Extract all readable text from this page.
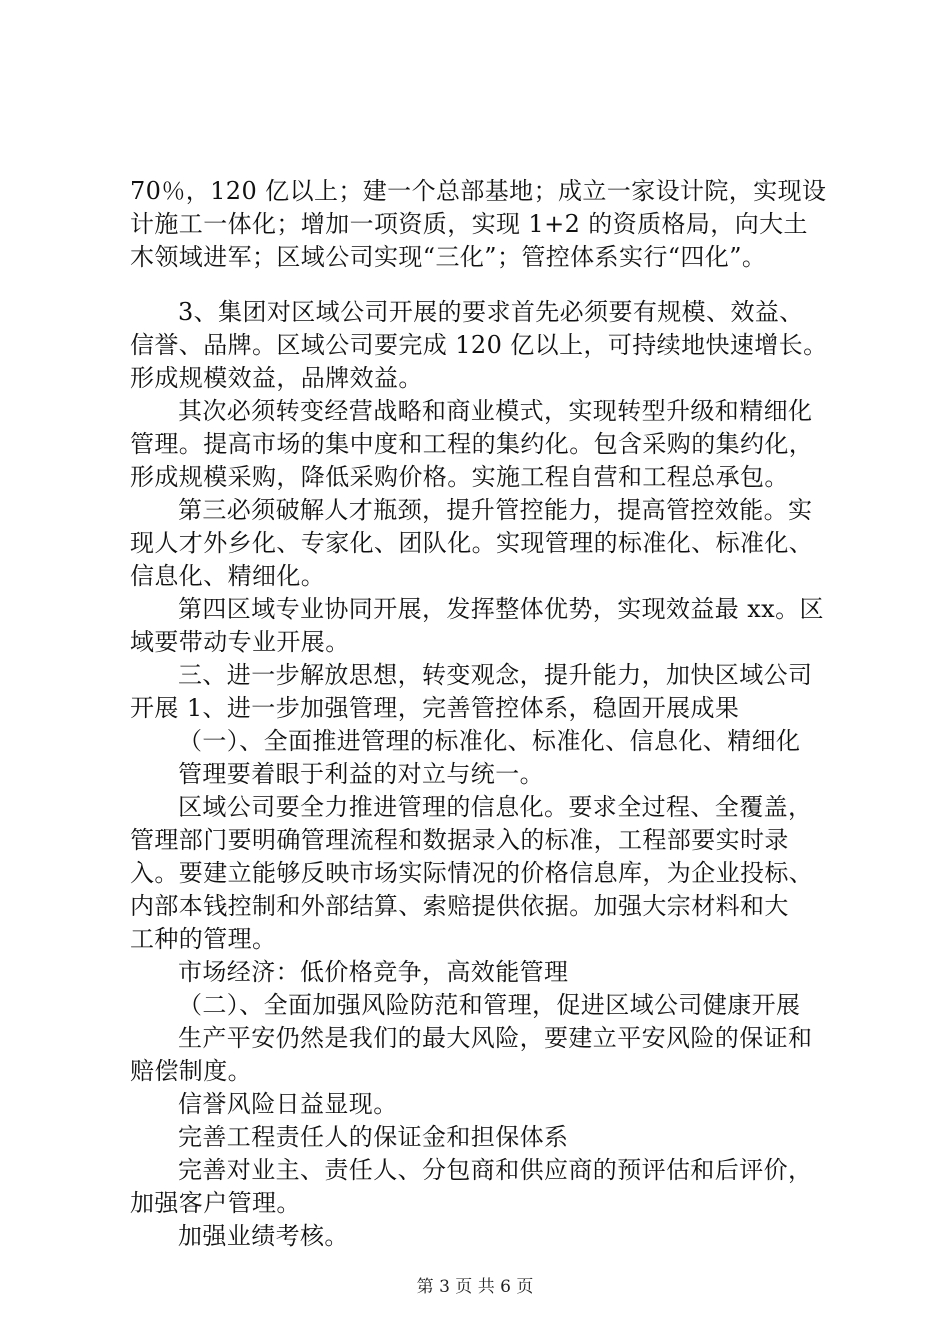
70％，120 亿以上；建一个总部基地；成立一家设计院，实现设
计施工一体化；增加一项资质，实现 1+2 的资质格局，向大土
木领域进军；区域公司实现“三化”；管控体系实行“四化”。
3、集团对区域公司开展的要求首先必须要有规模、效益、
信誉、品牌。区域公司要完成 120 亿以上，可持续地快速增长。
形成规模效益，品牌效益。
其次必须转变经营战略和商业模式，实现转型升级和精细化
管理。提高市场的集中度和工程的集约化。包含采购的集约化，
形成规模采购，降低采购价格。实施工程自营和工程总承包。
第三必须破解人才瓶颈，提升管控能力，提高管控效能。实
现人才外乡化、专家化、团队化。实现管理的标准化、标准化、
信息化、精细化。
第四区域专业协同开展，发挥整体优势，实现效益最 xx。区
域要带动专业开展。
三、进一步解放思想，转变观念，提升能力，加快区域公司
开展 1、进一步加强管理，完善管控体系，稳固开展成果
（一）、全面推进管理的标准化、标准化、信息化、精细化
管理要着眼于利益的对立与统一。
区域公司要全力推进管理的信息化。要求全过程、全覆盖，
管理部门要明确管理流程和数据录入的标准，工程部要实时录
入。要建立能够反映市场实际情况的价格信息库，为企业投标、
内部本钱控制和外部结算、索赔提供依据。加强大宗材料和大
工种的管理。
市场经济：低价格竞争，高效能管理
（二）、全面加强风险防范和管理，促进区域公司健康开展
生产平安仍然是我们的最大风险，要建立平安风险的保证和
赔偿制度。
信誉风险日益显现。
完善工程责任人的保证金和担保体系
完善对业主、责任人、分包商和供应商的预评估和后评价，
加强客户管理。
加强业绩考核。
第 3 页 共 6 页
